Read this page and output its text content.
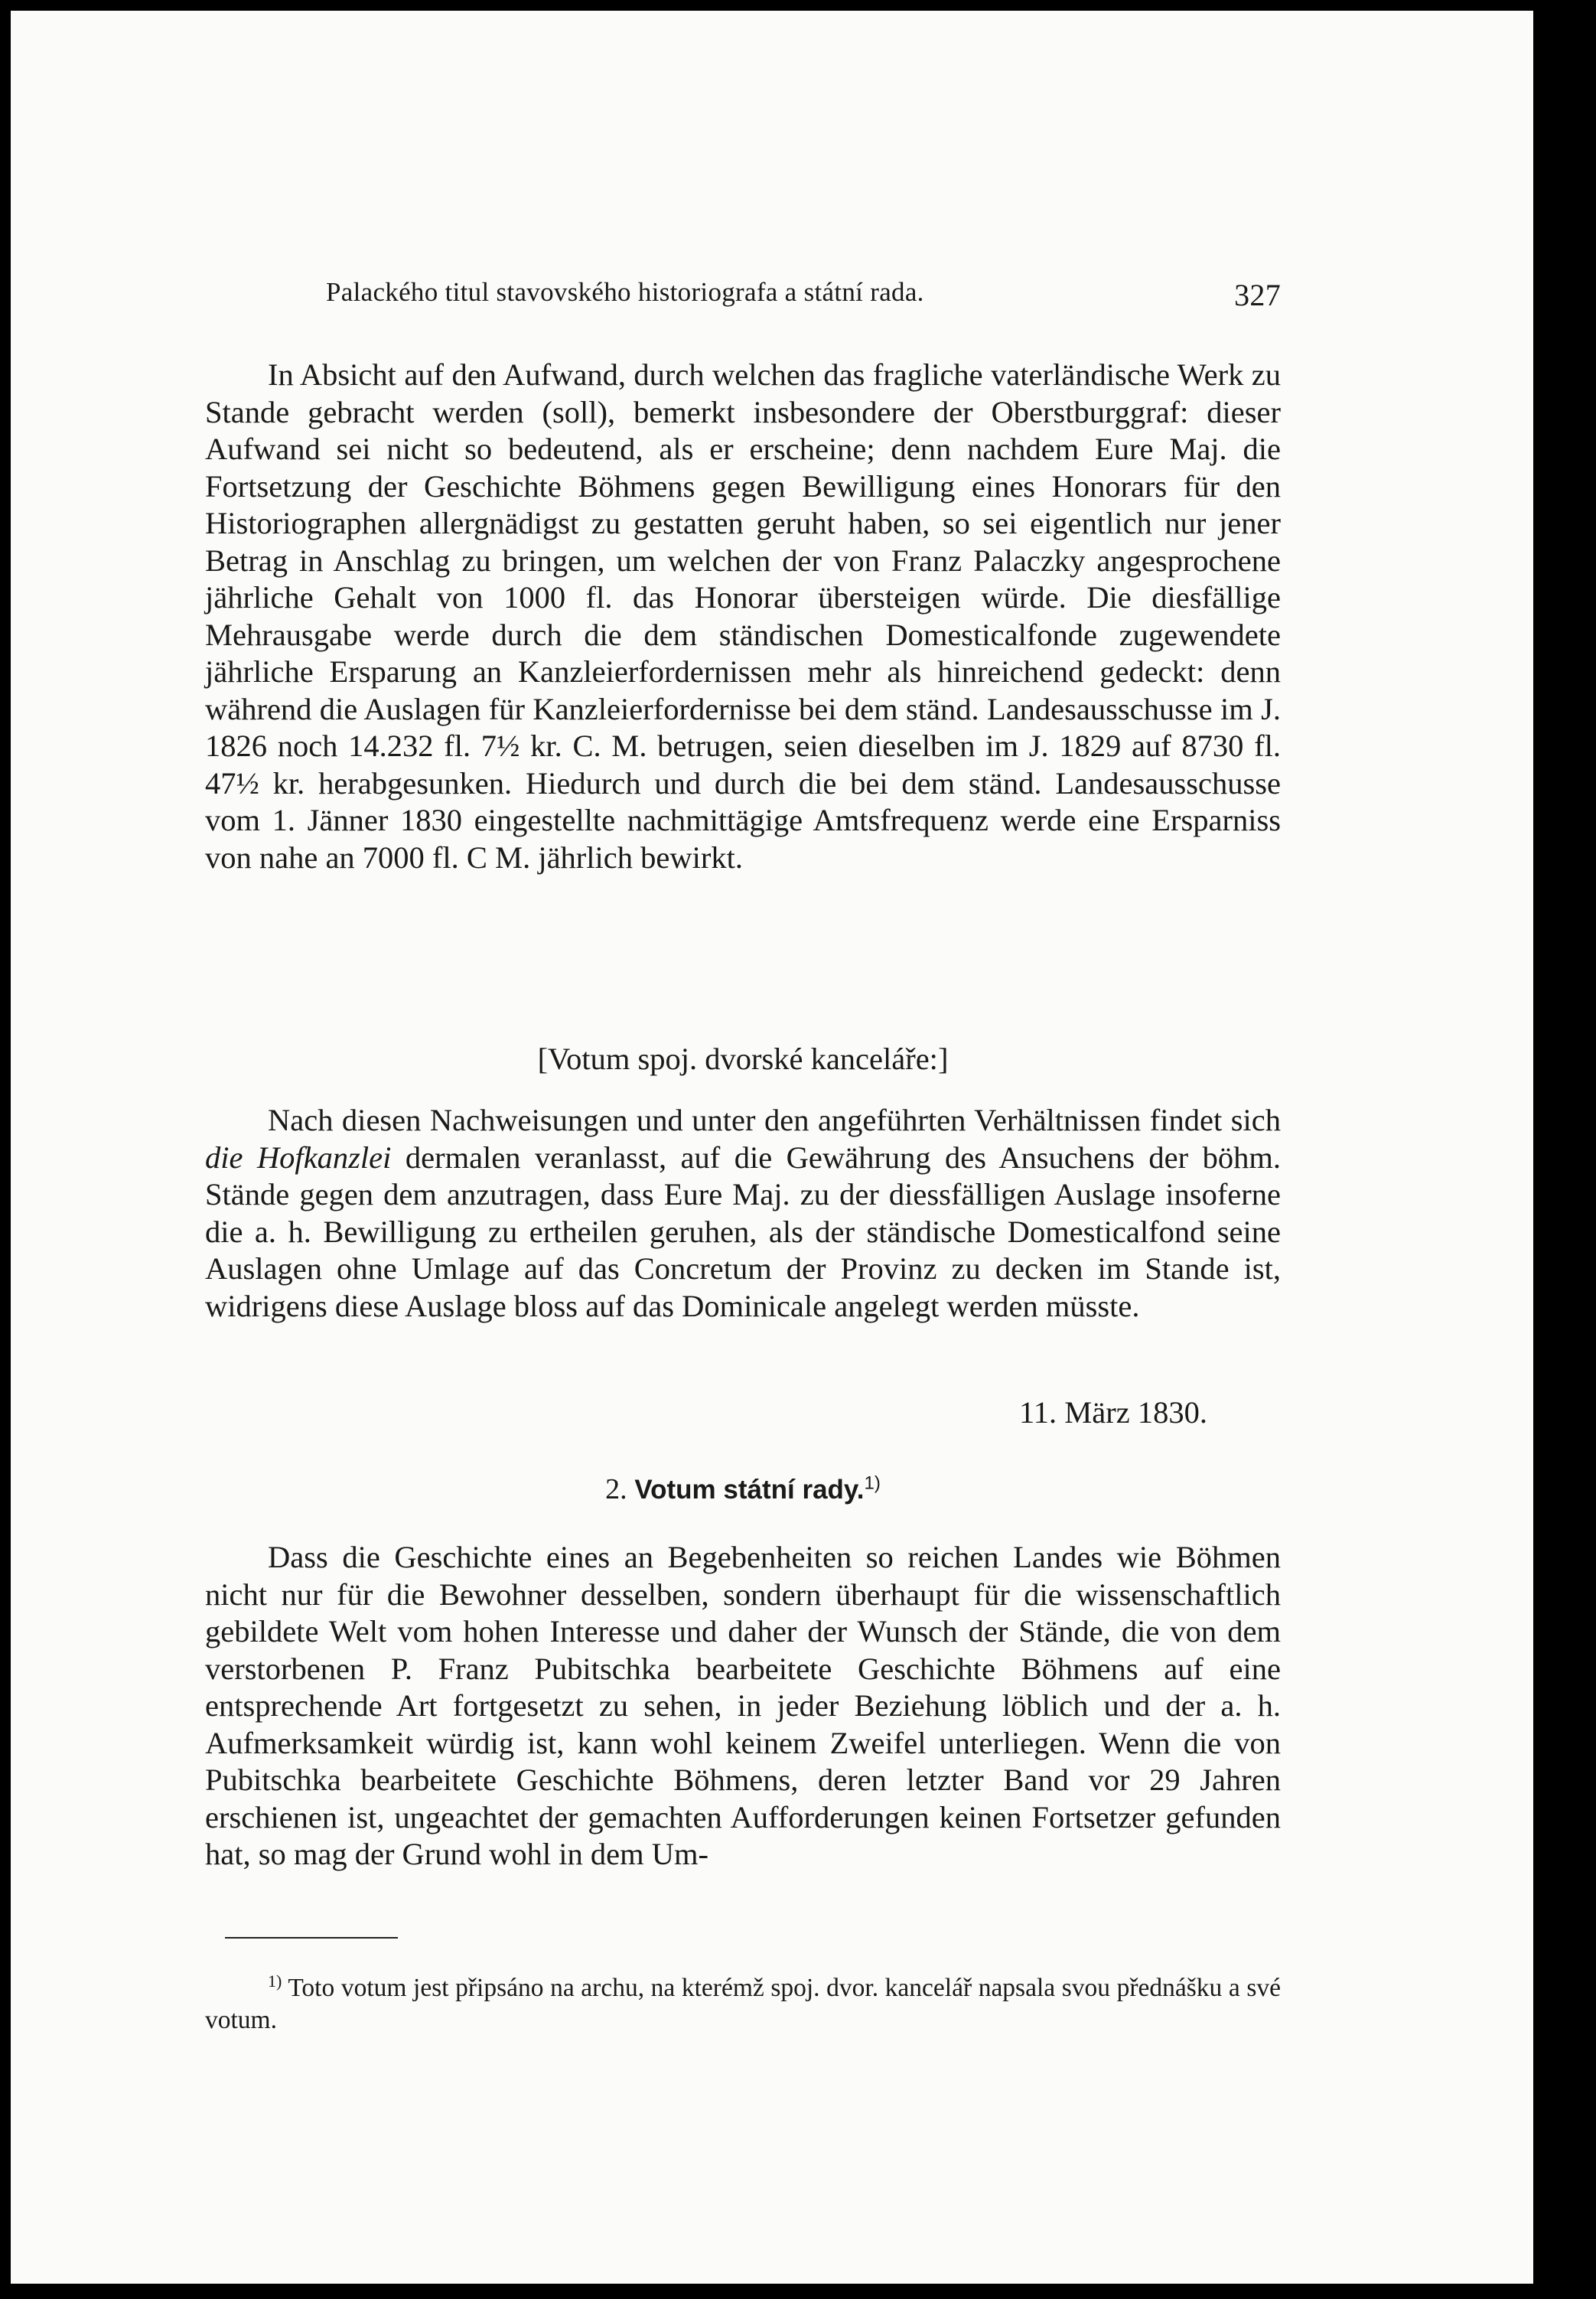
Palackého titul stavovského historiografa a státní rada.	327

In Absicht auf den Aufwand, durch welchen das fragliche vaterländische Werk zu Stande gebracht werden (soll), bemerkt insbesondere der Oberstburggraf: dieser Aufwand sei nicht so bedeutend, als er erscheine; denn nachdem Eure Maj. die Fortsetzung der Geschichte Böhmens gegen Bewilligung eines Honorars für den Historiographen allergnädigst zu gestatten geruht haben, so sei eigentlich nur jener Betrag in Anschlag zu bringen, um welchen der von Franz Palaczky angesprochene jährliche Gehalt von 1000 fl. das Honorar übersteigen würde. Die diesfällige Mehrausgabe werde durch die dem ständischen Domesticalfonde zugewendete jährliche Ersparung an Kanzleierfordernissen mehr als hinreichend gedeckt: denn während die Auslagen für Kanzleierfordernisse bei dem ständ. Landesausschusse im J. 1826 noch 14.232 fl. 7½ kr. C. M. betrugen, seien dieselben im J. 1829 auf 8730 fl. 47½ kr. herabgesunken. Hiedurch und durch die bei dem ständ. Landesausschusse vom 1. Jänner 1830 eingestellte nachmittägige Amtsfrequenz werde eine Ersparniss von nahe an 7000 fl. C M. jährlich bewirkt.

[Votum spoj. dvorské kanceláře:]

Nach diesen Nachweisungen und unter den angeführten Verhältnissen findet sich die Hofkanzlei dermalen veranlasst, auf die Gewährung des Ansuchens der böhm. Stände gegen dem anzutragen, dass Eure Maj. zu der diessfälligen Auslage insoferne die a. h. Bewilligung zu ertheilen geruhen, als der ständische Domesticalfond seine Auslagen ohne Umlage auf das Concretum der Provinz zu decken im Stande ist, widrigens diese Auslage bloss auf das Dominicale angelegt werden müsste.

11. März 1830.
2. Votum státní rady.$^{1)}$

Dass die Geschichte eines an Begebenheiten so reichen Landes wie Böhmen nicht nur für die Bewohner desselben, sondern überhaupt für die wissenschaftlich gebildete Welt vom hohen Interesse und daher der Wunsch der Stände, die von dem verstorbenen P. Franz Pubitschka bearbeitete Geschichte Böhmens auf eine entsprechende Art fortgesetzt zu sehen, in jeder Beziehung löblich und der a. h. Aufmerksamkeit würdig ist, kann wohl keinem Zweifel unterliegen. Wenn die von Pubitschka bearbeitete Geschichte Böhmens, deren letzter Band vor 29 Jahren erschienen ist, ungeachtet der gemachten Aufforderungen keinen Fortsetzer gefunden hat, so mag der Grund wohl in dem Um-

$^{1)}$ Toto votum jest připsáno na archu, na kterémž spoj. dvor. kancelář napsala svou přednášku a své votum.
